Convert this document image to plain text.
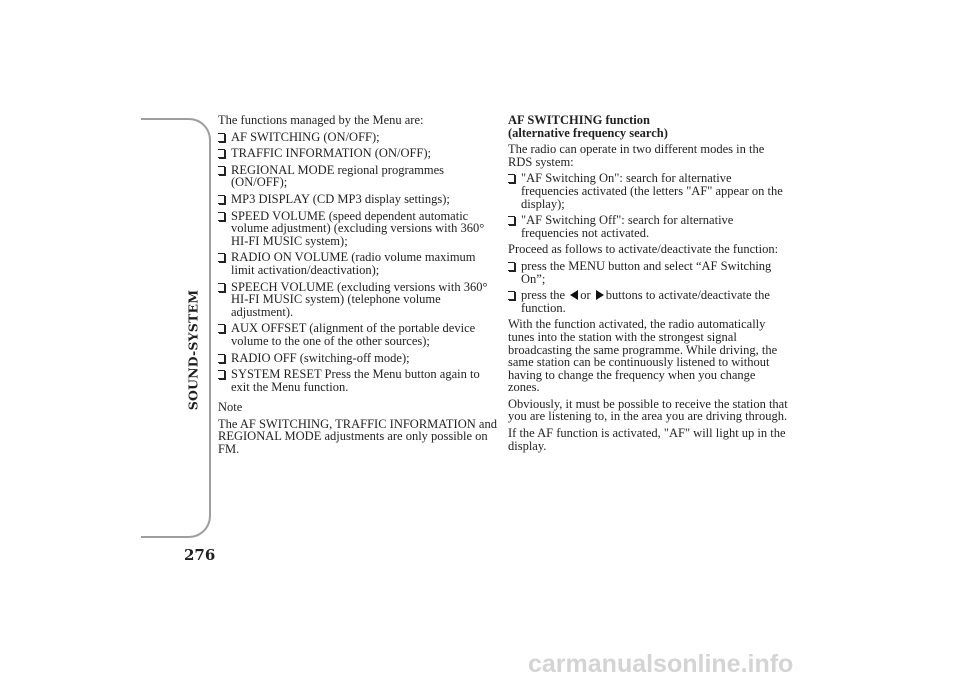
SOUND-SYSTEM
276

The functions managed by the Menu are:

AF SWITCHING (ON/OFF);
TRAFFIC INFORMATION (ON/OFF);
REGIONAL MODE regional programmes (ON/OFF);
MP3 DISPLAY (CD MP3 display settings);
SPEED VOLUME (speed dependent automatic volume adjustment) (excluding versions with 360° HI-FI MUSIC system);
RADIO ON VOLUME (radio volume maximum limit activation/deactivation);
SPEECH VOLUME (excluding versions with 360° HI-FI MUSIC system) (telephone volume adjustment).
AUX OFFSET (alignment of the portable device volume to the one of the other sources);
RADIO OFF (switching-off mode);
SYSTEM RESET Press the Menu button again to exit the Menu function.

Note

The AF SWITCHING, TRAFFIC INFORMATION and REGIONAL MODE adjustments are only possible on FM.

AF SWITCHING function
(alternative frequency search)

The radio can operate in two different modes in the RDS system:

"AF Switching On": search for alternative frequencies activated (the letters "AF" appear on the display);
"AF Switching Off": search for alternative frequencies not activated.

Proceed as follows to activate/deactivate the function:

press the MENU button and select “AF Switching On”;
press the or buttons to activate/deactivate the function.

With the function activated, the radio automatically tunes into the station with the strongest signal broadcasting the same programme. While driving, the same station can be continuously listened to without having to change the frequency when you change zones.

Obviously, it must be possible to receive the station that you are listening to, in the area you are driving through.

If the AF function is activated, "AF" will light up in the display.

carmanualsonline.info
